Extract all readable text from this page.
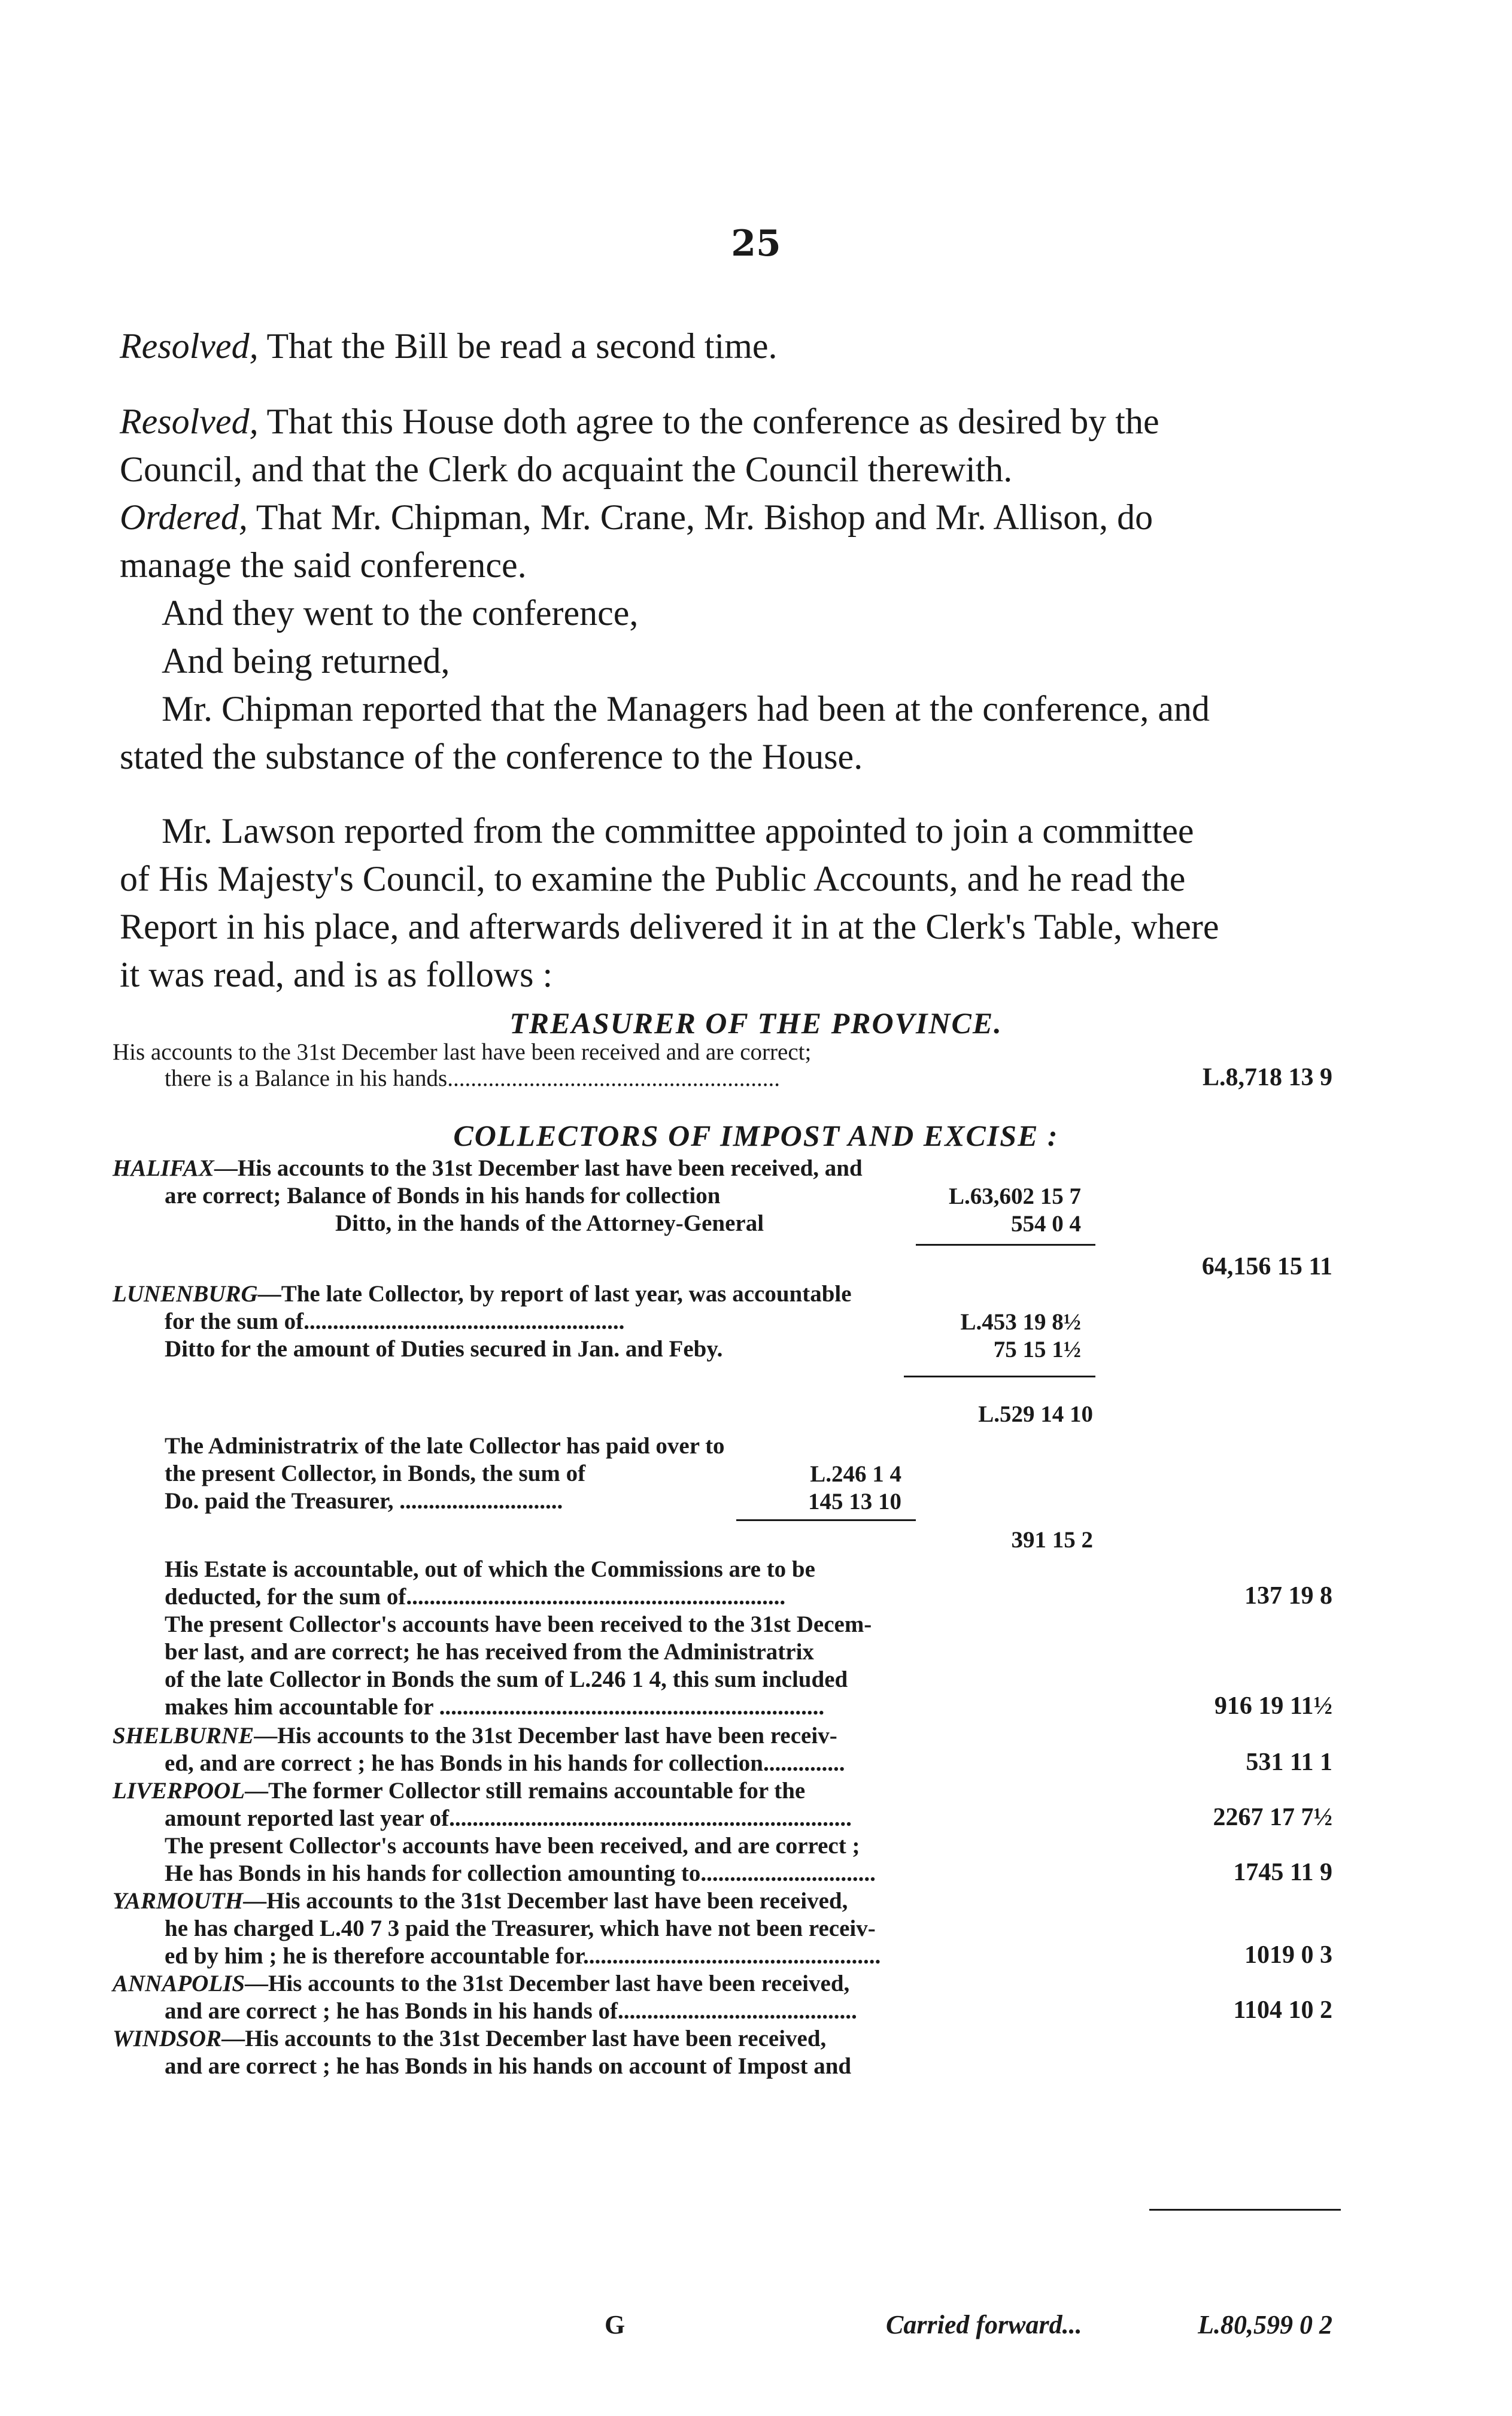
25

Resolved, That the Bill be read a second time.

Resolved, That this House doth agree to the conference as desired by the

Council, and that the Clerk do acquaint the Council therewith.

Ordered, That Mr. Chipman, Mr. Crane, Mr. Bishop and Mr. Allison, do

manage the said conference.

And they went to the conference,

And being returned,

Mr. Chipman reported that the Managers had been at the conference, and

stated the substance of the conference to the House.

Mr. Lawson reported from the committee appointed to join a committee

of His Majesty's Council, to examine the Public Accounts, and he read the

Report in his place, and afterwards delivered it in at the Clerk's Table, where

it was read, and is as follows :

TREASURER OF THE PROVINCE.
His accounts to the 31st December last have been received and are correct;
there is a Balance in his hands.........................................................	L.8,718 13 9
COLLECTORS OF IMPOST AND EXCISE :
HALIFAX—His accounts to the 31st December last have been received, and
are correct; Balance of Bonds in his hands for collection	L.63,602 15 7
Ditto, in the hands of the Attorney-General	554 0 4
64,156 15 11
LUNENBURG—The late Collector, by report of last year, was accountable
for the sum of.......................................................	L.453 19 8½
Ditto for the amount of Duties secured in Jan. and Feby.	75 15 1½
L.529 14 10
The Administratrix of the late Collector has paid over to
the present Collector, in Bonds, the sum of	L.246 1 4
Do. paid the Treasurer, ............................	145 13 10
391 15 2
His Estate is accountable, out of which the Commissions are to be
deducted, for the sum of.................................................................	137 19 8
The present Collector's accounts have been received to the 31st Decem-
ber last, and are correct; he has received from the Administratrix
of the late Collector in Bonds the sum of L.246 1 4, this sum included
makes him accountable for ..................................................................	916 19 11½
SHELBURNE—His accounts to the 31st December last have been receiv-
ed, and are correct ; he has Bonds in his hands for collection..............	531 11 1
LIVERPOOL—The former Collector still remains accountable for the
amount reported last year of.....................................................................	2267 17 7½
The present Collector's accounts have been received, and are correct ;
He has Bonds in his hands for collection amounting to..............................	1745 11 9
YARMOUTH—His accounts to the 31st December last have been received,
he has charged L.40 7 3 paid the Treasurer, which have not been receiv-
ed by him ; he is therefore accountable for...................................................	1019 0 3
ANNAPOLIS—His accounts to the 31st December last have been received,
and are correct ; he has Bonds in his hands of.........................................	1104 10 2
WINDSOR—His accounts to the 31st December last have been received,
and are correct ; he has Bonds in his hands on account of Impost and
G	Carried forward...	L.80,599 0 2
